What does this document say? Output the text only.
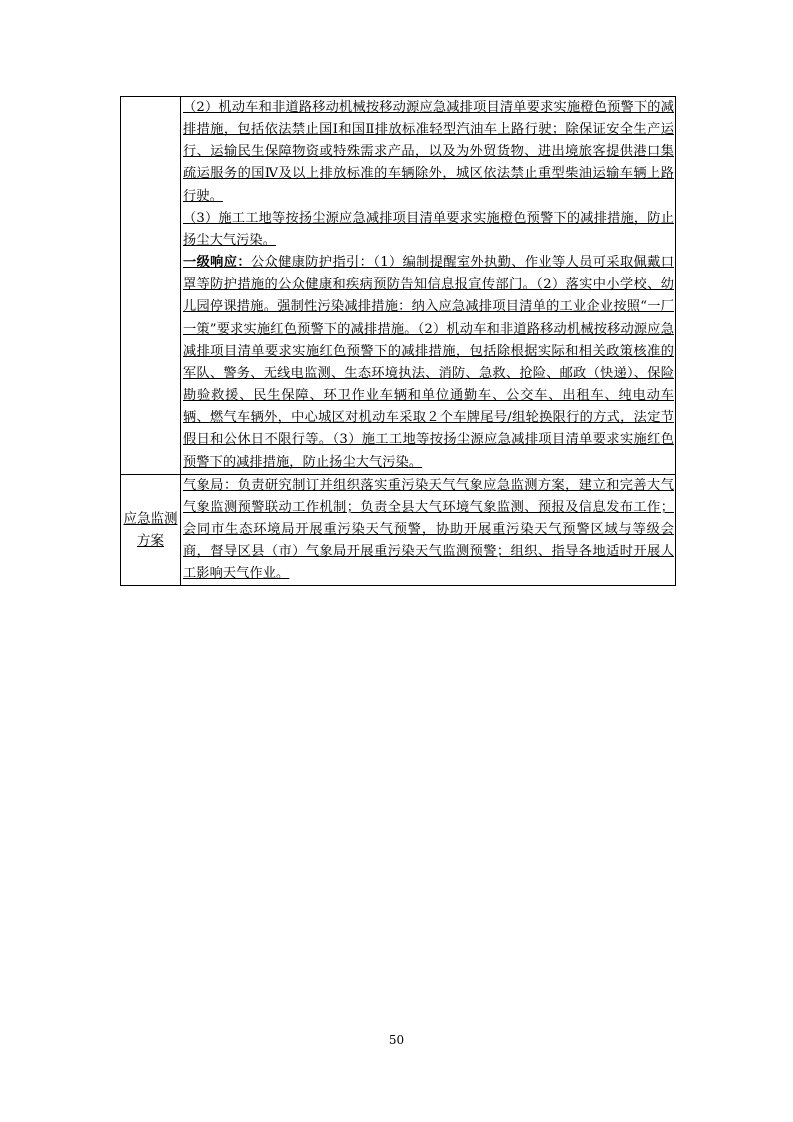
	（2）机动车和非道路移动机械按移动源应急减排项目清单要求实施橙色预警下的减排措施，包括依法禁止国Ⅰ和国Ⅱ排放标准轻型汽油车上路行驶；除保证安全生产运行、运输民生保障物资或特殊需求产品，以及为外贸货物、进出境旅客提供港口集疏运服务的国Ⅳ及以上排放标准的车辆除外，城区依法禁止重型柴油运输车辆上路行驶。

（3）施工工地等按扬尘源应急减排项目清单要求实施橙色预警下的减排措施，防止扬尘大气污染。

一级响应：公众健康防护指引：（1）编制提醒室外执勤、作业等人员可采取佩戴口罩等防护措施的公众健康和疾病预防告知信息报宣传部门。（2）落实中小学校、幼儿园停课措施。强制性污染减排措施：纳入应急减排项目清单的工业企业按照“一厂一策”要求实施红色预警下的减排措施。（2）机动车和非道路移动机械按移动源应急减排项目清单要求实施红色预警下的减排措施，包括除根据实际和相关政策核准的军队、警务、无线电监测、生态环境执法、消防、急救、抢险、邮政（快递）、保险勘验救援、民生保障、环卫作业车辆和单位通勤车、公交车、出租车、纯电动车辆、燃气车辆外，中心城区对机动车采取２个车牌尾号/组轮换限行的方式，法定节假日和公休日不限行等。（3）施工工地等按扬尘源应急减排项目清单要求实施红色预警下的减排措施，防止扬尘大气污染。

应急监测方案	气象局：负责研究制订并组织落实重污染天气气象应急监测方案，建立和完善大气气象监测预警联动工作机制；负责全县大气环境气象监测、预报及信息发布工作；会同市生态环境局开展重污染天气预警，协助开展重污染天气预警区域与等级会商，督导区县（市）气象局开展重污染天气监测预警；组织、指导各地适时开展人工影响天气作业。

50
